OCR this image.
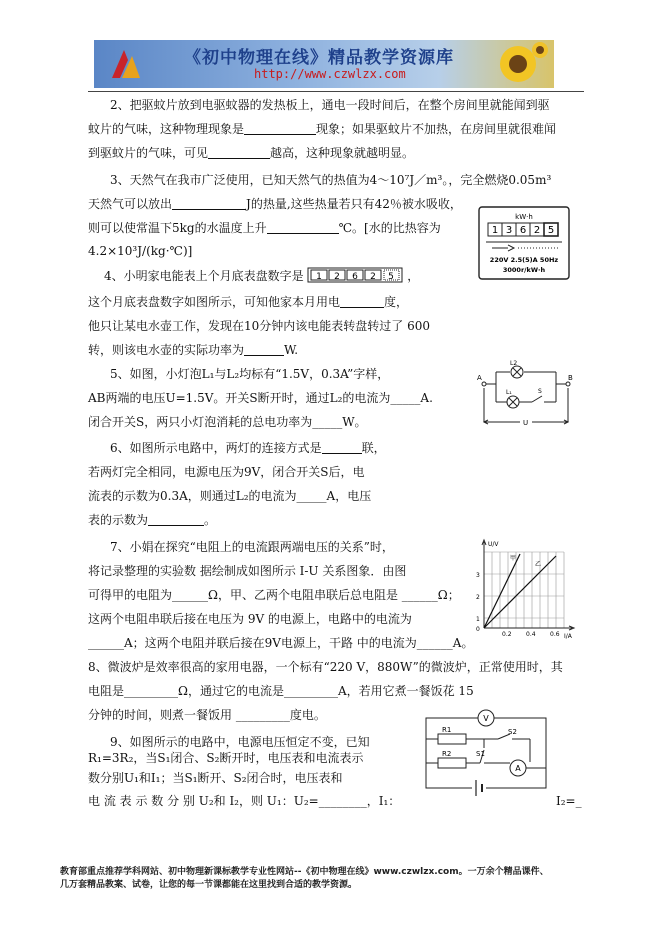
《初中物理在线》精品教学资源库
http://www.czwlzx.com
2、把驱蚊片放到电驱蚊器的发热板上，通电一段时间后，在整个房间里就能闻到驱
蚊片的气味，这种物理现象是	现象；如果驱蚊片不加热，在房间里就很难闻
到驱蚊片的气味，可见	越高，这种现象就越明显。
3、天然气在我市广泛使用，已知天然气的热值为4～10⁷J／m³。，完全燃烧0.05m³
天然气可以放出	J的热量,这些热量若只有42％被水吸收，
则可以使常温下5kg的水温度上升	℃。[水的比热容为
4.2×10³J/(kg·℃)]
kW·h
1 3 6 2 5
220V 2.5(5)A 50Hz
3000r/kW·h
4、小明家电能表上个月底表盘数字是 1 2 6 2 5 ，
这个月底表盘数字如图所示，可知他家本月用电	度，
他只让某电水壶工作，发现在10分钟内该电能表转盘转过了 600
转，则该电水壶的实际功率为	W.
5、如图，小灯泡L₁与L₂均标有“1.5V，0.3A”字样，
AB两端的电压U=1.5V。开关S断开时，通过L₂的电流为_____A.
闭合开关S，两只小灯泡消耗的总电功率为_____W。
A	B
L2
L₁	S
U
6、如图所示电路中，两灯的连接方式是	联，
若两灯完全相同，电源电压为9V，闭合开关S后，电
流表的示数为0.3A，则通过L₂的电流为_____A，电压
表的示数为	。
7、小娟在探究“电阻上的电流跟两端电压的关系”时，
将记录整理的实验数 据绘制成如图所示 I-U 关系图象．由图
可得甲的电阻为______Ω，甲、乙两个电阻串联后总电阻是 ______Ω；
这两个电阻串联后接在电压为 9V 的电源上，电路中的电流为
______A；这两个电阻并联后接在9V电源上，干路 中的电流为______A。
U/V
I/A
0
1
2
3
0.2 0.4 0.6
甲
乙
8、微波炉是效率很高的家用电器，一个标有“220 V，880W”的微波炉，正常使用时，其
电阻是_________Ω，通过它的电流是_________A，若用它煮一餐饭花 15
分钟的时间，则煮一餐饭用 _________度电。
9、如图所示的电路中，电源电压恒定不变，已知
R₁=3R₂，当S₁闭合、S₂断开时，电压表和电流表示
数分别U₁和I₁；当S₁断开、S₂闭合时，电压表和
电 流 表 示 数 分 别 U₂和 I₂，则 U₁：U₂=________，I₁：	I₂=_
V
R1	S2
R2	S1
A
教育部重点推荐学科网站、初中物理新课标教学专业性网站--《初中物理在线》www.czwlzx.com。一万余个精品课件、
几万套精品教案、试卷，让您的每一节课都能在这里找到合适的教学资源。
